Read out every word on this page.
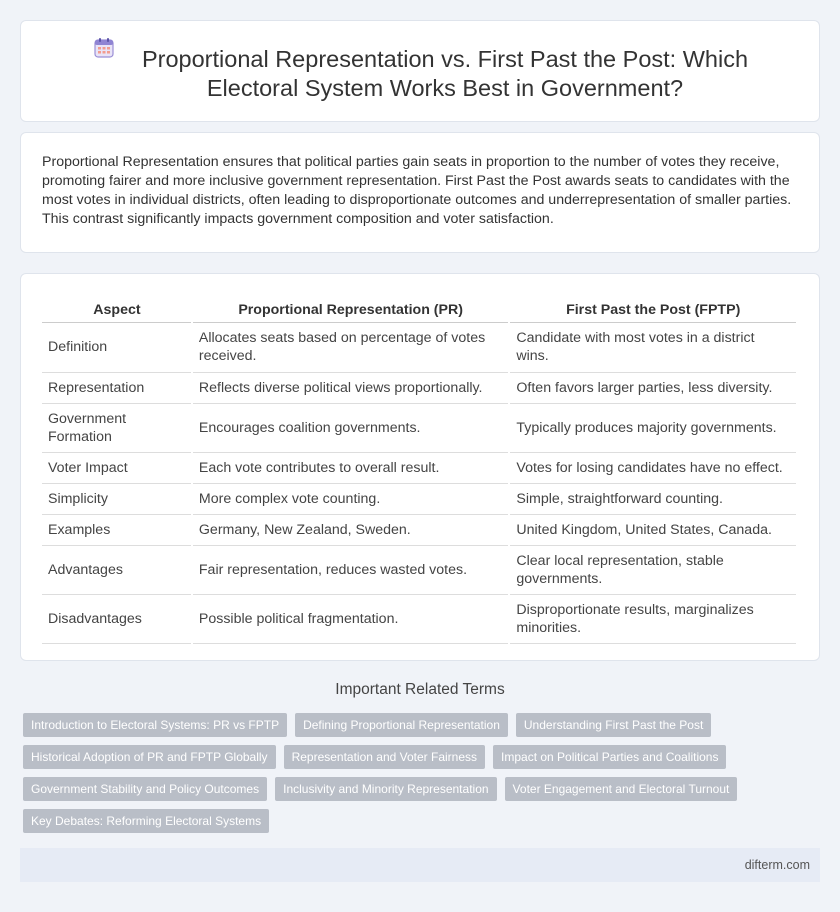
Proportional Representation vs. First Past the Post: Which Electoral System Works Best in Government?

Proportional Representation ensures that political parties gain seats in proportion to the number of votes they receive, promoting fairer and more inclusive government representation. First Past the Post awards seats to candidates with the most votes in individual districts, often leading to disproportionate outcomes and underrepresentation of smaller parties. This contrast significantly impacts government composition and voter satisfaction.

Aspect	Proportional Representation (PR)	First Past the Post (FPTP)
Definition	Allocates seats based on percentage of votes received.	Candidate with most votes in a district wins.
Representation	Reflects diverse political views proportionally.	Often favors larger parties, less diversity.
Government Formation	Encourages coalition governments.	Typically produces majority governments.
Voter Impact	Each vote contributes to overall result.	Votes for losing candidates have no effect.
Simplicity	More complex vote counting.	Simple, straightforward counting.
Examples	Germany, New Zealand, Sweden.	United Kingdom, United States, Canada.
Advantages	Fair representation, reduces wasted votes.	Clear local representation, stable governments.
Disadvantages	Possible political fragmentation.	Disproportionate results, marginalizes minorities.
Important Related Terms
Introduction to Electoral Systems: PR vs FPTP	Defining Proportional Representation	Understanding First Past the Post
Historical Adoption of PR and FPTP Globally	Representation and Voter Fairness	Impact on Political Parties and Coalitions
Government Stability and Policy Outcomes	Inclusivity and Minority Representation	Voter Engagement and Electoral Turnout
Key Debates: Reforming Electoral Systems
difterm.com
